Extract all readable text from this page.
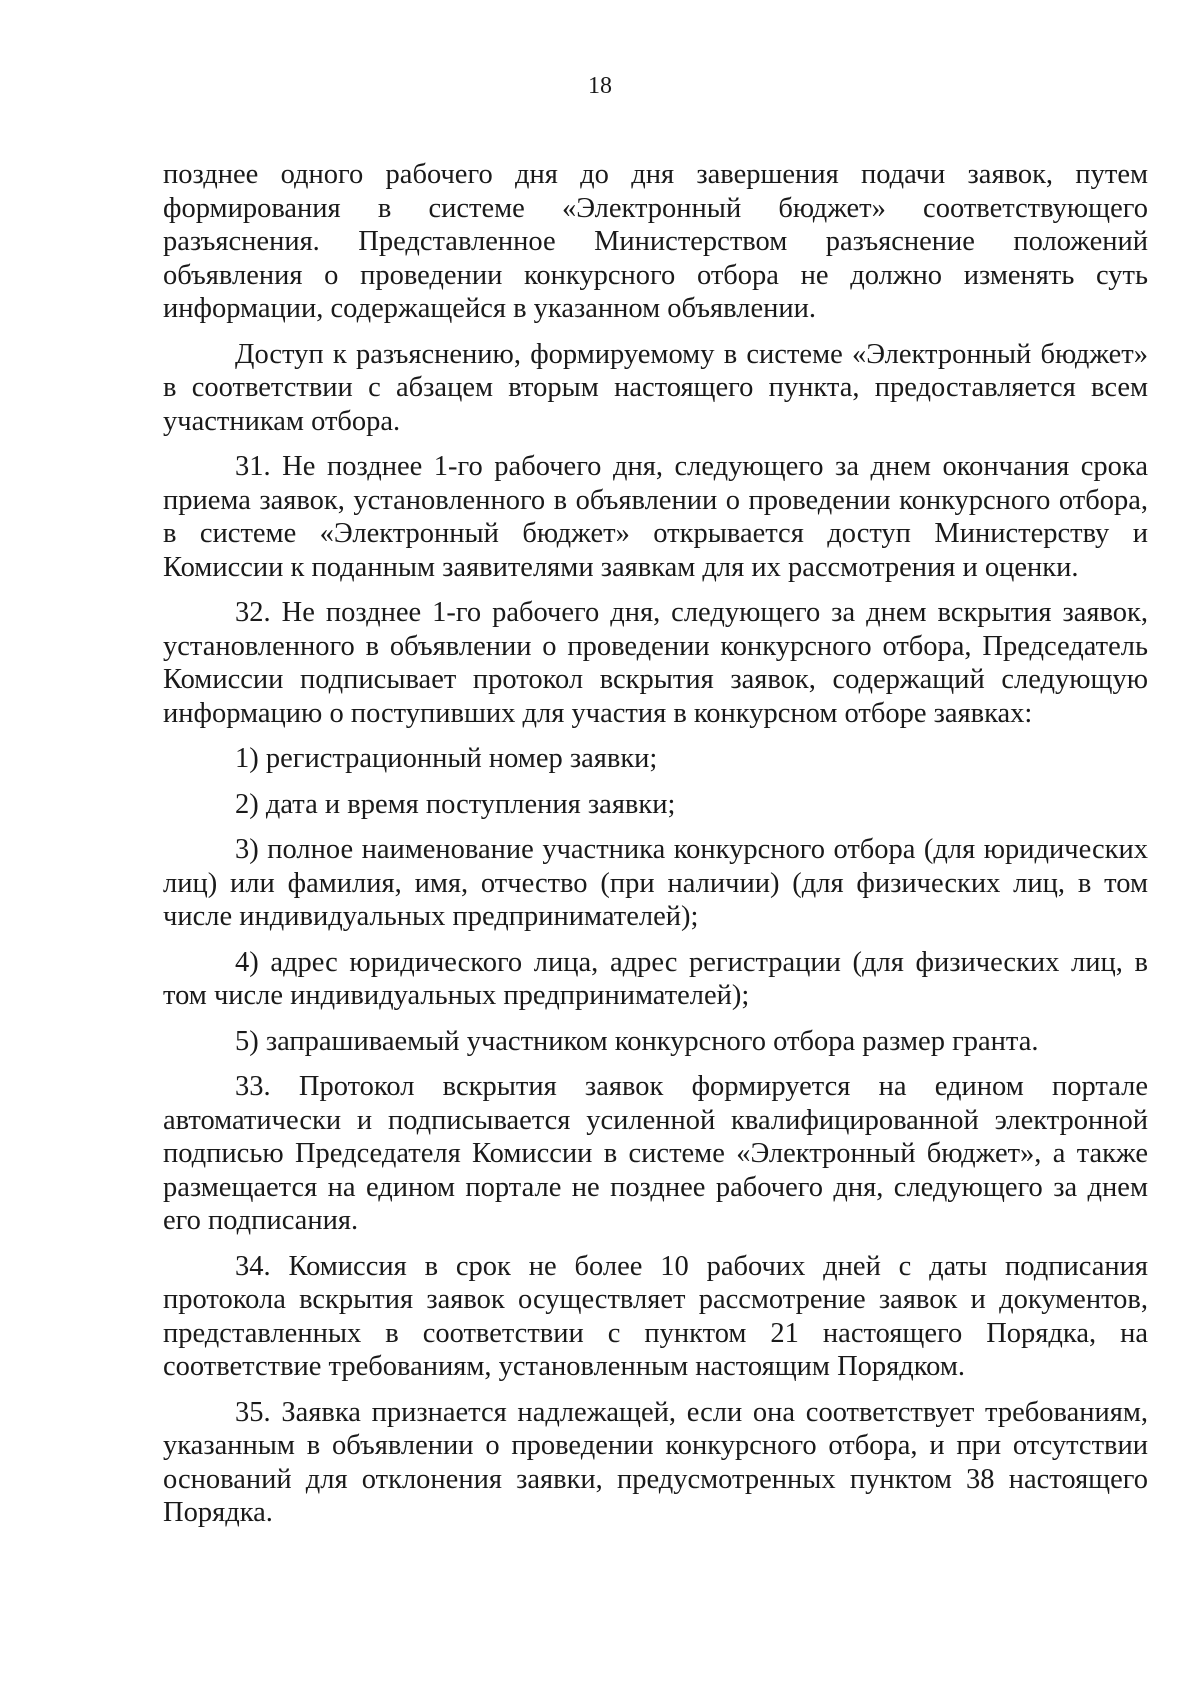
18

позднее одного рабочего дня до дня завершения подачи заявок, путем формирования в системе «Электронный бюджет» соответствующего разъяснения. Представленное Министерством разъяснение положений объявления о проведении конкурсного отбора не должно изменять суть информации, содержащейся в указанном объявлении.

Доступ к разъяснению, формируемому в системе «Электронный бюджет» в соответствии с абзацем вторым настоящего пункта, предоставляется всем участникам отбора.

31. Не позднее 1-го рабочего дня, следующего за днем окончания срока приема заявок, установленного в объявлении о проведении конкурсного отбора, в системе «Электронный бюджет» открывается доступ Министерству и Комиссии к поданным заявителями заявкам для их рассмотрения и оценки.

32. Не позднее 1-го рабочего дня, следующего за днем вскрытия заявок, установленного в объявлении о проведении конкурсного отбора, Председатель Комиссии подписывает протокол вскрытия заявок, содержащий следующую информацию о поступивших для участия в конкурсном отборе заявках:

1) регистрационный номер заявки;

2) дата и время поступления заявки;

3) полное наименование участника конкурсного отбора (для юридических лиц) или фамилия, имя, отчество (при наличии) (для физических лиц, в том числе индивидуальных предпринимателей);

4) адрес юридического лица, адрес регистрации (для физических лиц, в том числе индивидуальных предпринимателей);

5) запрашиваемый участником конкурсного отбора размер гранта.

33. Протокол вскрытия заявок формируется на едином портале автоматически и подписывается усиленной квалифицированной электронной подписью Председателя Комиссии в системе «Электронный бюджет», а также размещается на едином портале не позднее рабочего дня, следующего за днем его подписания.

34. Комиссия в срок не более 10 рабочих дней с даты подписания протокола вскрытия заявок осуществляет рассмотрение заявок и документов, представленных в соответствии с пунктом 21 настоящего Порядка, на соответствие требованиям, установленным настоящим Порядком.

35. Заявка признается надлежащей, если она соответствует требованиям, указанным в объявлении о проведении конкурсного отбора, и при отсутствии оснований для отклонения заявки, предусмотренных пунктом 38 настоящего Порядка.
